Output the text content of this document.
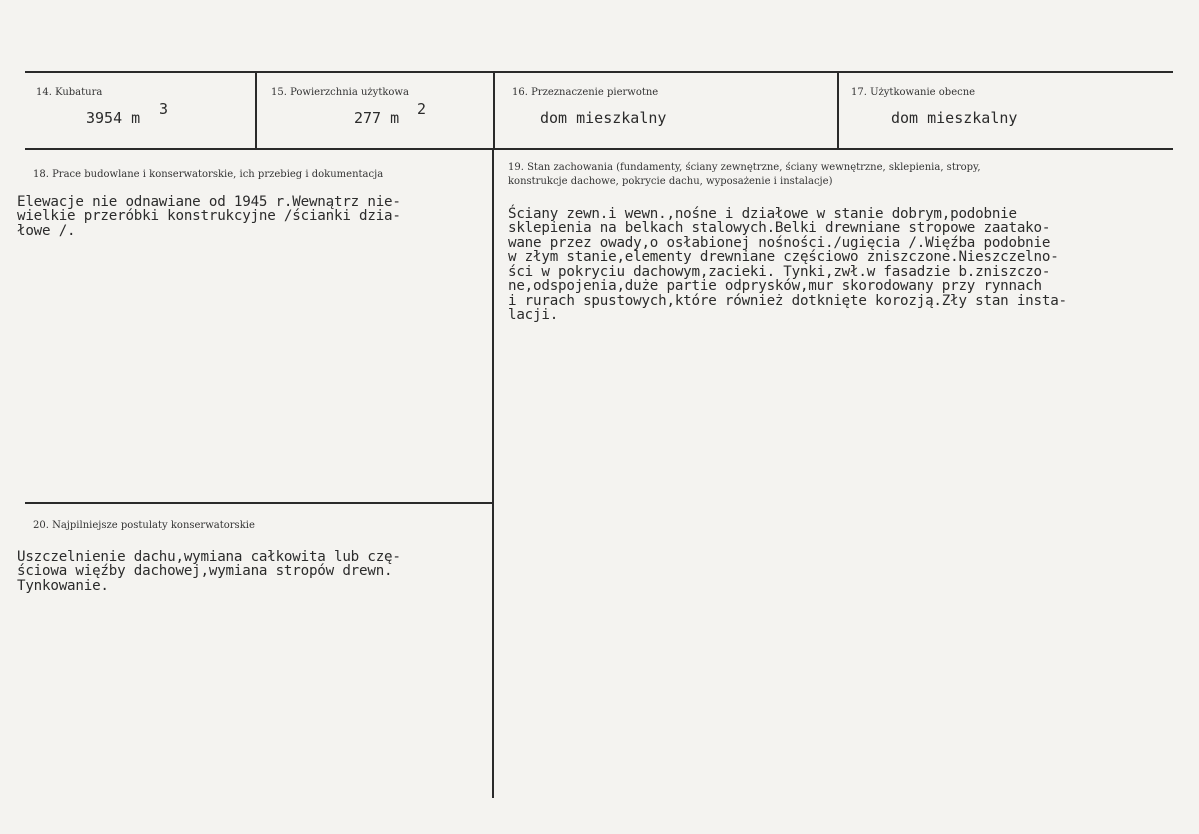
14. Kubatura
3954 m 3
15. Powierzchnia użytkowa
277 m 2
16. Przeznaczenie pierwotne
dom mieszkalny
17. Użytkowanie obecne
dom mieszkalny
18. Prace budowlane i konserwatorskie, ich przebieg i dokumentacja

Elewacje nie odnawiane od 1945 r.Wewnątrz nie-
wielkie przeróbki konstrukcyjne /ścianki dzia-
łowe /.

19. Stan zachowania (fundamenty, ściany zewnętrzne, ściany wewnętrzne, sklepienia, stropy,
konstrukcje dachowe, pokrycie dachu, wyposażenie i instalacje)

Ściany zewn.i wewn.,nośne i działowe w stanie dobrym,podobnie
sklepienia na belkach stalowych.Belki drewniane stropowe zaatako-
wane przez owady,o osłabionej nośności./ugięcia /.Więźba podobnie
w złym stanie,elementy drewniane częściowo zniszczone.Nieszczelno-
ści w pokryciu dachowym,zacieki. Tynki,zwł.w fasadzie b.zniszczo-
ne,odspojenia,duże partie odprysków,mur skorodowany przy rynnach
i rurach spustowych,które również dotknięte korozją.Zły stan insta-
lacji.

20. Najpilniejsze postulaty konserwatorskie

Uszczelnienie dachu,wymiana całkowita lub czę-
ściowa więźby dachowej,wymiana stropów drewn.
Tynkowanie.
